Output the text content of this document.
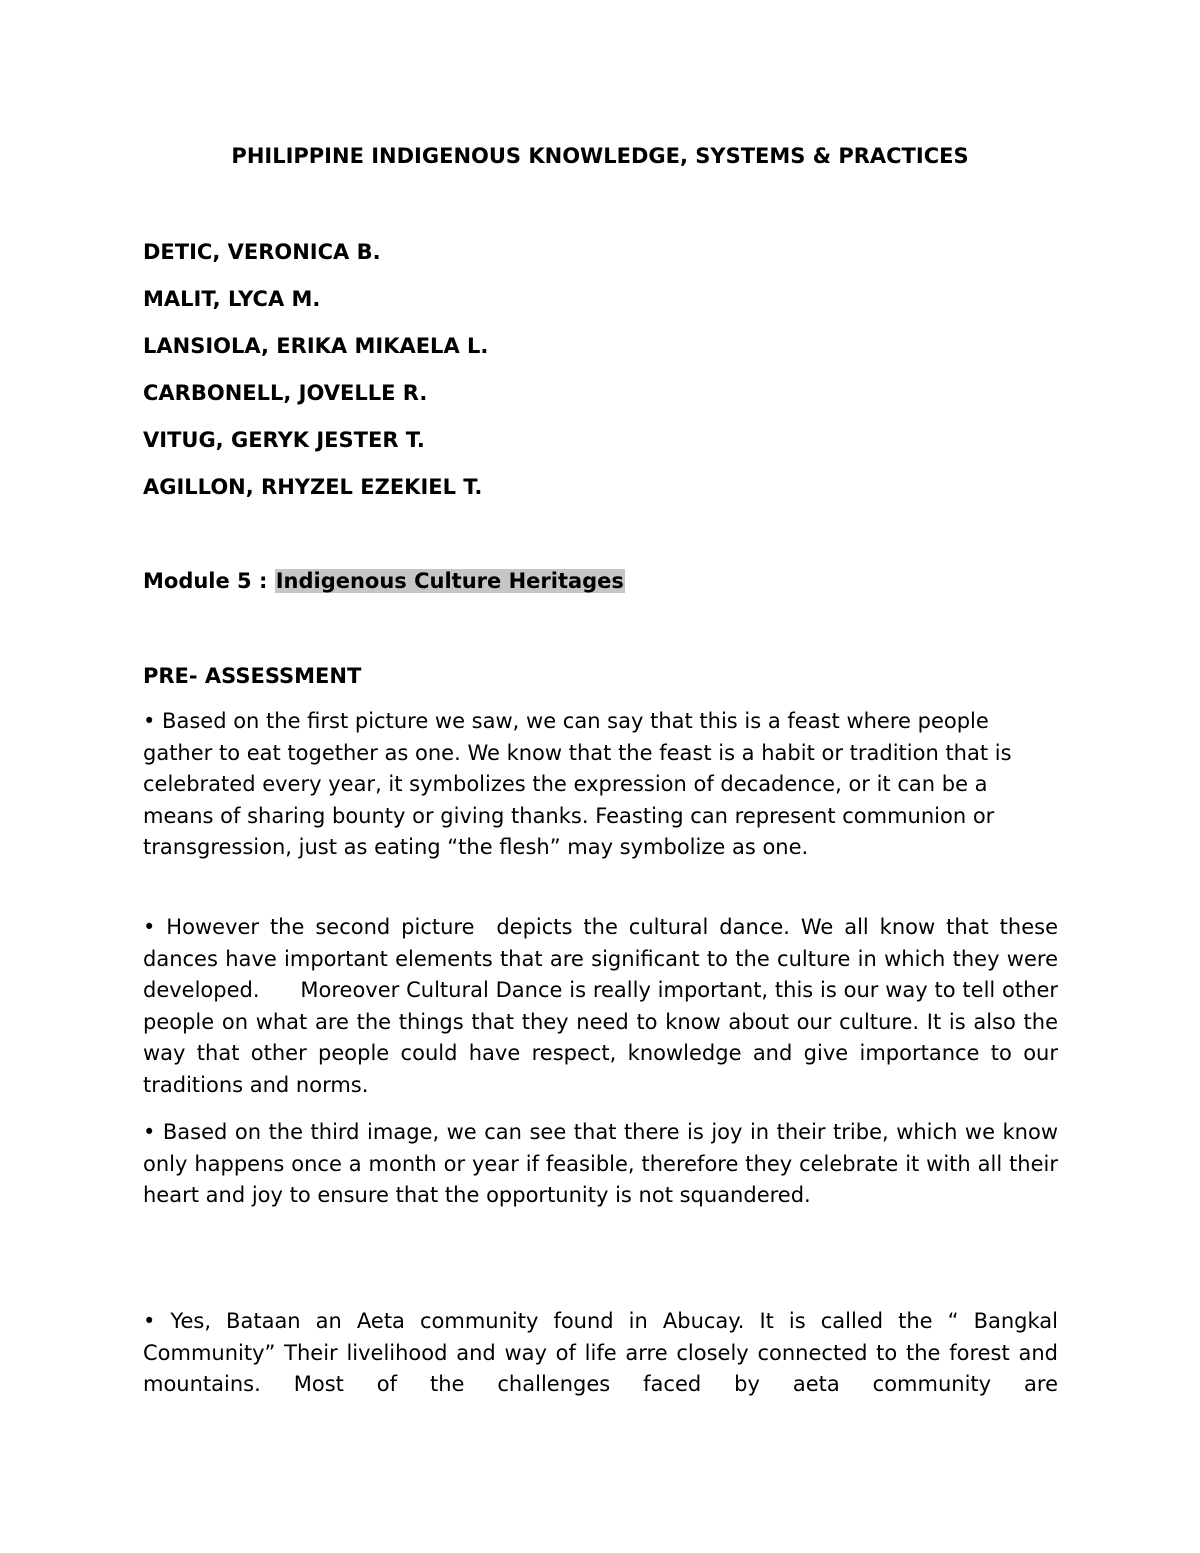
PHILIPPINE INDIGENOUS KNOWLEDGE, SYSTEMS & PRACTICES
DETIC, VERONICA B.
MALIT, LYCA M.
LANSIOLA, ERIKA MIKAELA L.
CARBONELL, JOVELLE R.
VITUG, GERYK JESTER T.
AGILLON, RHYZEL EZEKIEL T.

Module 5 : Indigenous Culture Heritages

PRE- ASSESSMENT

• Based on the first picture we saw, we can say that this is a feast where people gather to eat together as one. We know that the feast is a habit or tradition that is celebrated every year, it symbolizes the expression of decadence, or it can be a means of sharing bounty or giving thanks. Feasting can represent communion or transgression, just as eating “the flesh” may symbolize as one.

• However the second picture  depicts the cultural dance. We all know that these dances have important elements that are significant to the culture in which they were developed.      Moreover Cultural Dance is really important, this is our way to tell other people on what are the things that they need to know about our culture. It is also the way that other people could have respect, knowledge and give importance to our traditions and norms.

• Based on the third image, we can see that there is joy in their tribe, which we know only happens once a month or year if feasible, therefore they celebrate it with all their heart and joy to ensure that the opportunity is not squandered.

• Yes, Bataan an Aeta community found in Abucay. It is called the “ Bangkal Community” Their livelihood and way of life arre closely connected to the forest and mountains. Most of the challenges faced by aeta community are
